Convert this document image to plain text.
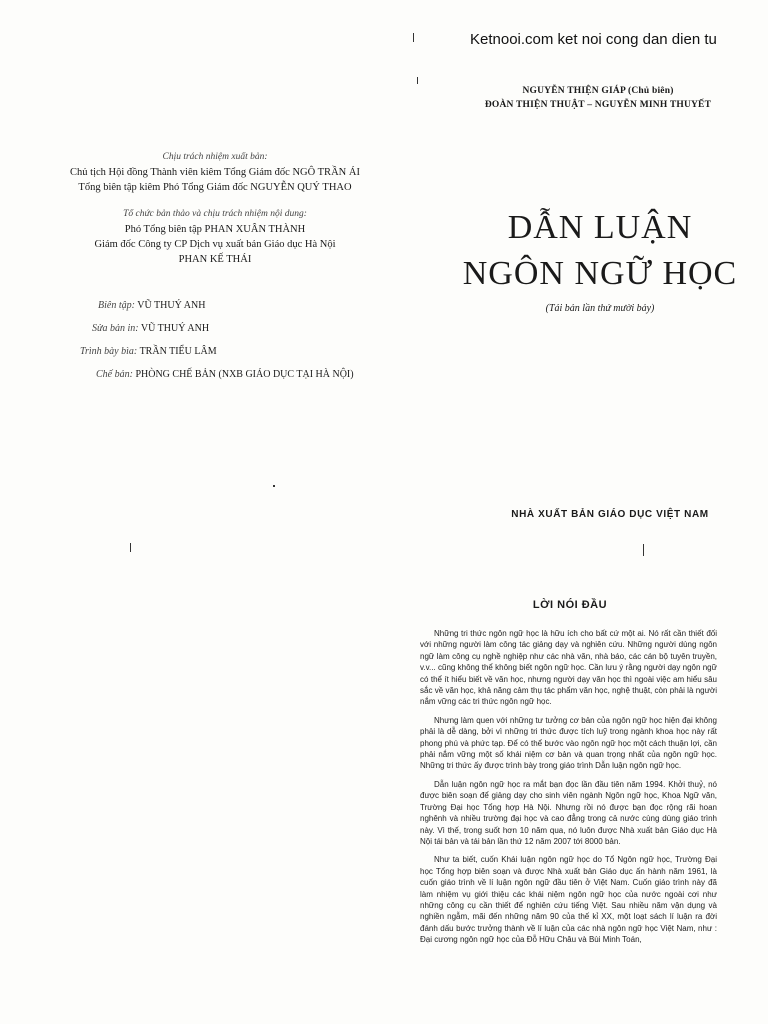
Chịu trách nhiệm xuất bản:
Chủ tịch Hội đồng Thành viên kiêm Tổng Giám đốc NGÔ TRẦN ÁI
Tổng biên tập kiêm Phó Tổng Giám đốc NGUYỄN QUÝ THAO
Tổ chức bản thảo và chịu trách nhiệm nội dung:
Phó Tổng biên tập PHAN XUÂN THÀNH
Giám đốc Công ty CP Dịch vụ xuất bản Giáo dục Hà Nội
PHAN KẾ THÁI
Biên tập: VŨ THUÝ ANH
Sửa bản in: VŨ THUÝ ANH
Trình bày bìa: TRẦN TIỂU LÂM
Chế bản: PHÒNG CHẾ BẢN (NXB GIÁO DỤC TẠI HÀ NỘI)
Ketnooi.com ket noi cong dan dien tu
NGUYỄN THIỆN GIÁP (Chủ biên)
ĐOÀN THIỆN THUẬT – NGUYỄN MINH THUYẾT
DẪN LUẬN
NGÔN NGỮ HỌC
(Tái bản lần thứ mười bảy)
NHÀ XUẤT BẢN GIÁO DỤC VIỆT NAM
LỜI NÓI ĐẦU

Những tri thức ngôn ngữ học là hữu ích cho bất cứ một ai. Nó rất cần thiết đối với những người làm công tác giảng dạy và nghiên cứu. Những người dùng ngôn ngữ làm công cụ nghề nghiệp như các nhà văn, nhà báo, các cán bộ tuyên truyền, v.v... cũng không thể không biết ngôn ngữ học. Cần lưu ý rằng người dạy ngôn ngữ có thể ít hiểu biết về văn học, nhưng người dạy văn học thì ngoài việc am hiểu sâu sắc về văn học, khả năng cảm thụ tác phẩm văn học, nghệ thuật, còn phải là người nắm vững các tri thức ngôn ngữ học.

Nhưng làm quen với những tư tưởng cơ bản của ngôn ngữ học hiện đại không phải là dễ dàng, bởi vì những tri thức được tích luỹ trong ngành khoa học này rất phong phú và phức tạp. Để có thể bước vào ngôn ngữ học một cách thuận lợi, cần phải nắm vững một số khái niệm cơ bản và quan trọng nhất của ngôn ngữ học. Những tri thức ấy được trình bày trong giáo trình Dẫn luận ngôn ngữ học.

Dẫn luận ngôn ngữ học ra mắt bạn đọc lần đầu tiên năm 1994. Khởi thuỷ, nó được biên soạn để giảng dạy cho sinh viên ngành Ngôn ngữ học, Khoa Ngữ văn, Trường Đại học Tổng hợp Hà Nội. Nhưng rồi nó được bạn đọc rộng rãi hoan nghênh và nhiều trường đại học và cao đẳng trong cả nước cùng dùng giáo trình này. Vì thế, trong suốt hơn 10 năm qua, nó luôn được Nhà xuất bản Giáo dục Hà Nội tái bản và tái bản lần thứ 12 năm 2007 tới 8000 bản.

Như ta biết, cuốn Khái luận ngôn ngữ học do Tổ Ngôn ngữ học, Trường Đại học Tổng hợp biên soạn và được Nhà xuất bản Giáo dục ấn hành năm 1961, là cuốn giáo trình về lí luận ngôn ngữ đầu tiên ở Việt Nam. Cuốn giáo trình này đã làm nhiệm vụ giới thiệu các khái niệm ngôn ngữ học của nước ngoài cơi như những công cụ cần thiết để nghiên cứu tiếng Việt. Sau nhiều năm vận dụng và nghiền ngẫm, mãi đến những năm 90 của thế kỉ XX, một loạt sách lí luận ra đời đánh dấu bước trưởng thành về lí luận của các nhà ngôn ngữ học Việt Nam, như : Đại cương ngôn ngữ học của Đỗ Hữu Châu và Bùi Minh Toán,
